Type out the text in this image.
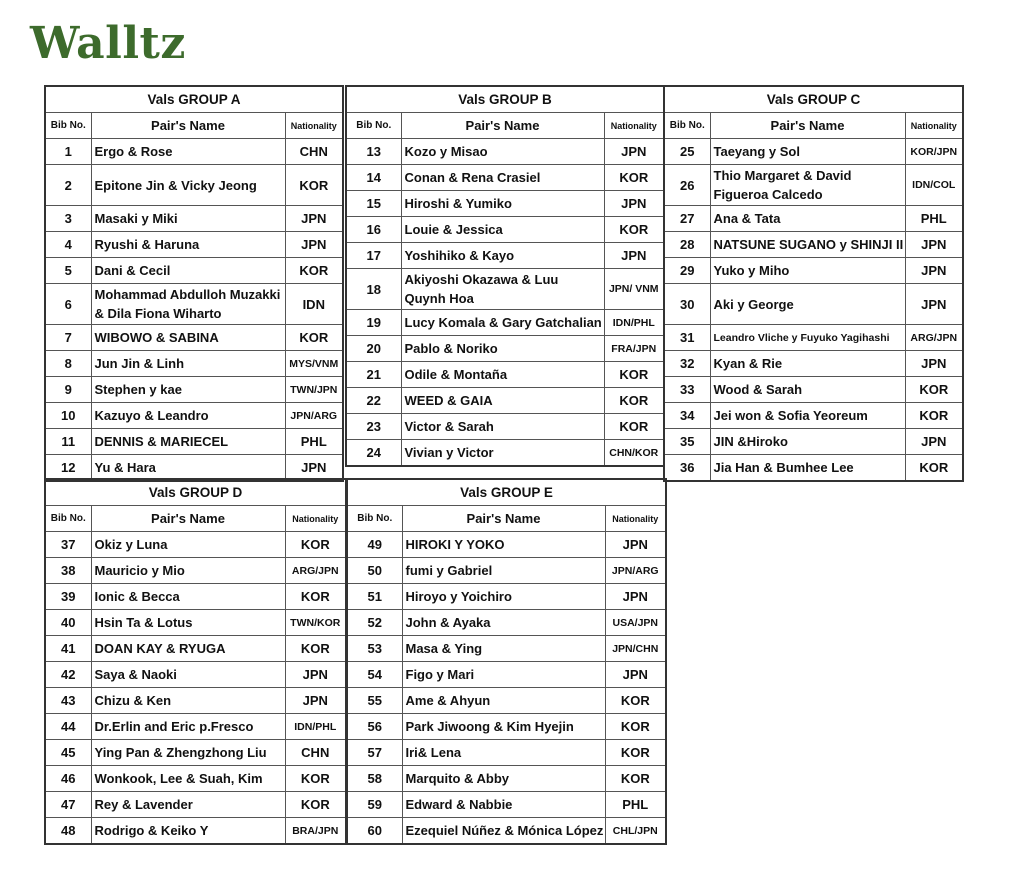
Walltz
Vals GROUP A		
Bib No.	Pair's Name	Nationality
1	Ergo & Rose	CHN
2	Epitone Jin & Vicky Jeong	KOR
3	Masaki y Miki	JPN
4	Ryushi & Haruna	JPN
5	Dani & Cecil	KOR
6	Mohammad Abdulloh Muzakki & Dila Fiona Wiharto	IDN
7	WIBOWO & SABINA	KOR
8	Jun Jin & Linh	MYS/VNM
9	Stephen y kae	TWN/JPN
10	Kazuyo & Leandro	JPN/ARG
11	DENNIS & MARIECEL	PHL
12	Yu & Hara	JPN
Vals GROUP B		
Bib No.	Pair's Name	Nationality
13	Kozo y Misao	JPN
14	Conan & Rena Crasiel	KOR
15	Hiroshi & Yumiko	JPN
16	Louie & Jessica	KOR
17	Yoshihiko & Kayo	JPN
18	Akiyoshi Okazawa & Luu Quynh Hoa	JPN/ VNM
19	Lucy Komala & Gary Gatchalian	IDN/PHL
20	Pablo & Noriko	FRA/JPN
21	Odile & Montaña	KOR
22	WEED & GAIA	KOR
23	Victor & Sarah	KOR
24	Vivian y Victor	CHN/KOR
Vals GROUP C		
Bib No.	Pair's Name	Nationality
25	Taeyang y Sol	KOR/JPN
26	Thio Margaret & David Figueroa Calcedo	IDN/COL
27	Ana & Tata	PHL
28	NATSUNE SUGANO y SHINJI II	JPN
29	Yuko y Miho	JPN
30	Aki y George	JPN
31	Leandro Vliche y Fuyuko Yagihashi	ARG/JPN
32	Kyan & Rie	JPN
33	Wood & Sarah	KOR
34	Jei won & Sofia Yeoreum	KOR
35	JIN &Hiroko	JPN
36	Jia Han & Bumhee Lee	KOR
Vals GROUP D		
Bib No.	Pair's Name	Nationality
37	Okiz y Luna	KOR
38	Mauricio y Mio	ARG/JPN
39	Ionic & Becca	KOR
40	Hsin Ta & Lotus	TWN/KOR
41	DOAN KAY & RYUGA	KOR
42	Saya & Naoki	JPN
43	Chizu & Ken	JPN
44	Dr.Erlin and Eric p.Fresco	IDN/PHL
45	Ying Pan & Zhengzhong Liu	CHN
46	Wonkook, Lee & Suah, Kim	KOR
47	Rey & Lavender	KOR
48	Rodrigo & Keiko Y	BRA/JPN
Vals GROUP E		
Bib No.	Pair's Name	Nationality
49	HIROKI Y YOKO	JPN
50	fumi y Gabriel	JPN/ARG
51	Hiroyo y Yoichiro	JPN
52	John & Ayaka	USA/JPN
53	Masa & Ying	JPN/CHN
54	Figo y Mari	JPN
55	Ame & Ahyun	KOR
56	Park Jiwoong & Kim Hyejin	KOR
57	Iri& Lena	KOR
58	Marquito & Abby	KOR
59	Edward & Nabbie	PHL
60	Ezequiel Núñez & Mónica López	CHL/JPN
